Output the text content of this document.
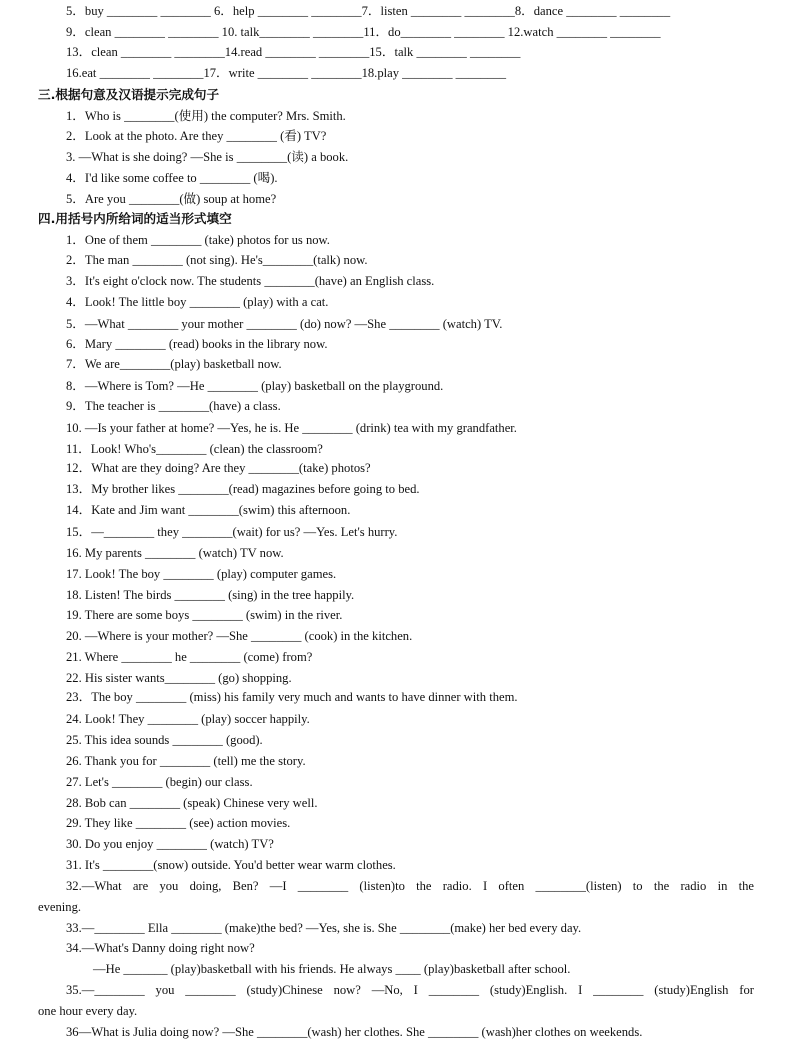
5．buy ________ ________ 6．help ________ ________7．listen ________ ________8．dance ________ ________
9．clean ________ ________ 10. talk________ ________11．do________ ________ 12.watch ________ ________
13．clean ________ ________14.read ________ ________15．talk ________ ________
16.eat ________ ________17．write ________ ________18.play ________ ________
三.根据句意及汉语提示完成句子
1．Who is ________(使用) the computer? Mrs. Smith.
2．Look at the photo. Are they ________ (看) TV?
3. —What is she doing? —She is ________(读) a book.
4．I'd like some coffee to ________ (喝).
5．Are you ________(做) soup at home?
四.用括号内所给词的适当形式填空
1．One of them ________ (take) photos for us now.
2．The man ________ (not sing). He's________(talk) now.
3．It's eight o'clock now. The students ________(have) an English class.
4．Look! The little boy ________ (play) with a cat.
5．—What ________ your mother ________ (do) now? —She ________ (watch) TV.
6．Mary ________ (read) books in the library now.
7．We are________(play) basketball now.
8．—Where is Tom? —He ________ (play) basketball on the playground.
9．The teacher is ________(have) a class.
10. —Is your father at home? —Yes, he is. He ________ (drink) tea with my grandfather.
11．Look! Who's________ (clean) the classroom?
12．What are they doing? Are they ________(take) photos?
13．My brother likes ________(read) magazines before going to bed.
14．Kate and Jim want ________(swim) this afternoon.
15．—________ they ________(wait) for us? —Yes. Let's hurry.
16. My parents ________ (watch) TV now.
17. Look! The boy ________ (play) computer games.
18. Listen! The birds ________ (sing) in the tree happily.
19. There are some boys ________ (swim) in the river.
20. —Where is your mother? —She ________ (cook) in the kitchen.
21. Where ________ he ________ (come) from?
22. His sister wants________ (go) shopping.
23．The boy ________ (miss) his family very much and wants to have dinner with them.
24. Look! They ________ (play) soccer happily.
25. This idea sounds ________ (good).
26. Thank you for ________ (tell) me the story.
27. Let's ________ (begin) our class.
28. Bob can ________ (speak) Chinese very well.
29. They like ________ (see) action movies.
30. Do you enjoy ________ (watch) TV?
31. It's ________(snow) outside. You'd better wear warm clothes.
32.—What are you doing, Ben? —I ________ (listen)to the radio. I often ________(listen) to the radio in the
evening.
33.—________ Ella ________ (make)the bed? —Yes, she is. She ________(make) her bed every day.
34.—What's Danny doing right now?
—He _______ (play)basketball with his friends. He always ____ (play)basketball after school.
35.—________ you ________ (study)Chinese now? —No, I ________ (study)English. I ________ (study)English for
one hour every day.
36—What is Julia doing now? —She ________(wash) her clothes. She ________ (wash)her clothes on weekends.
